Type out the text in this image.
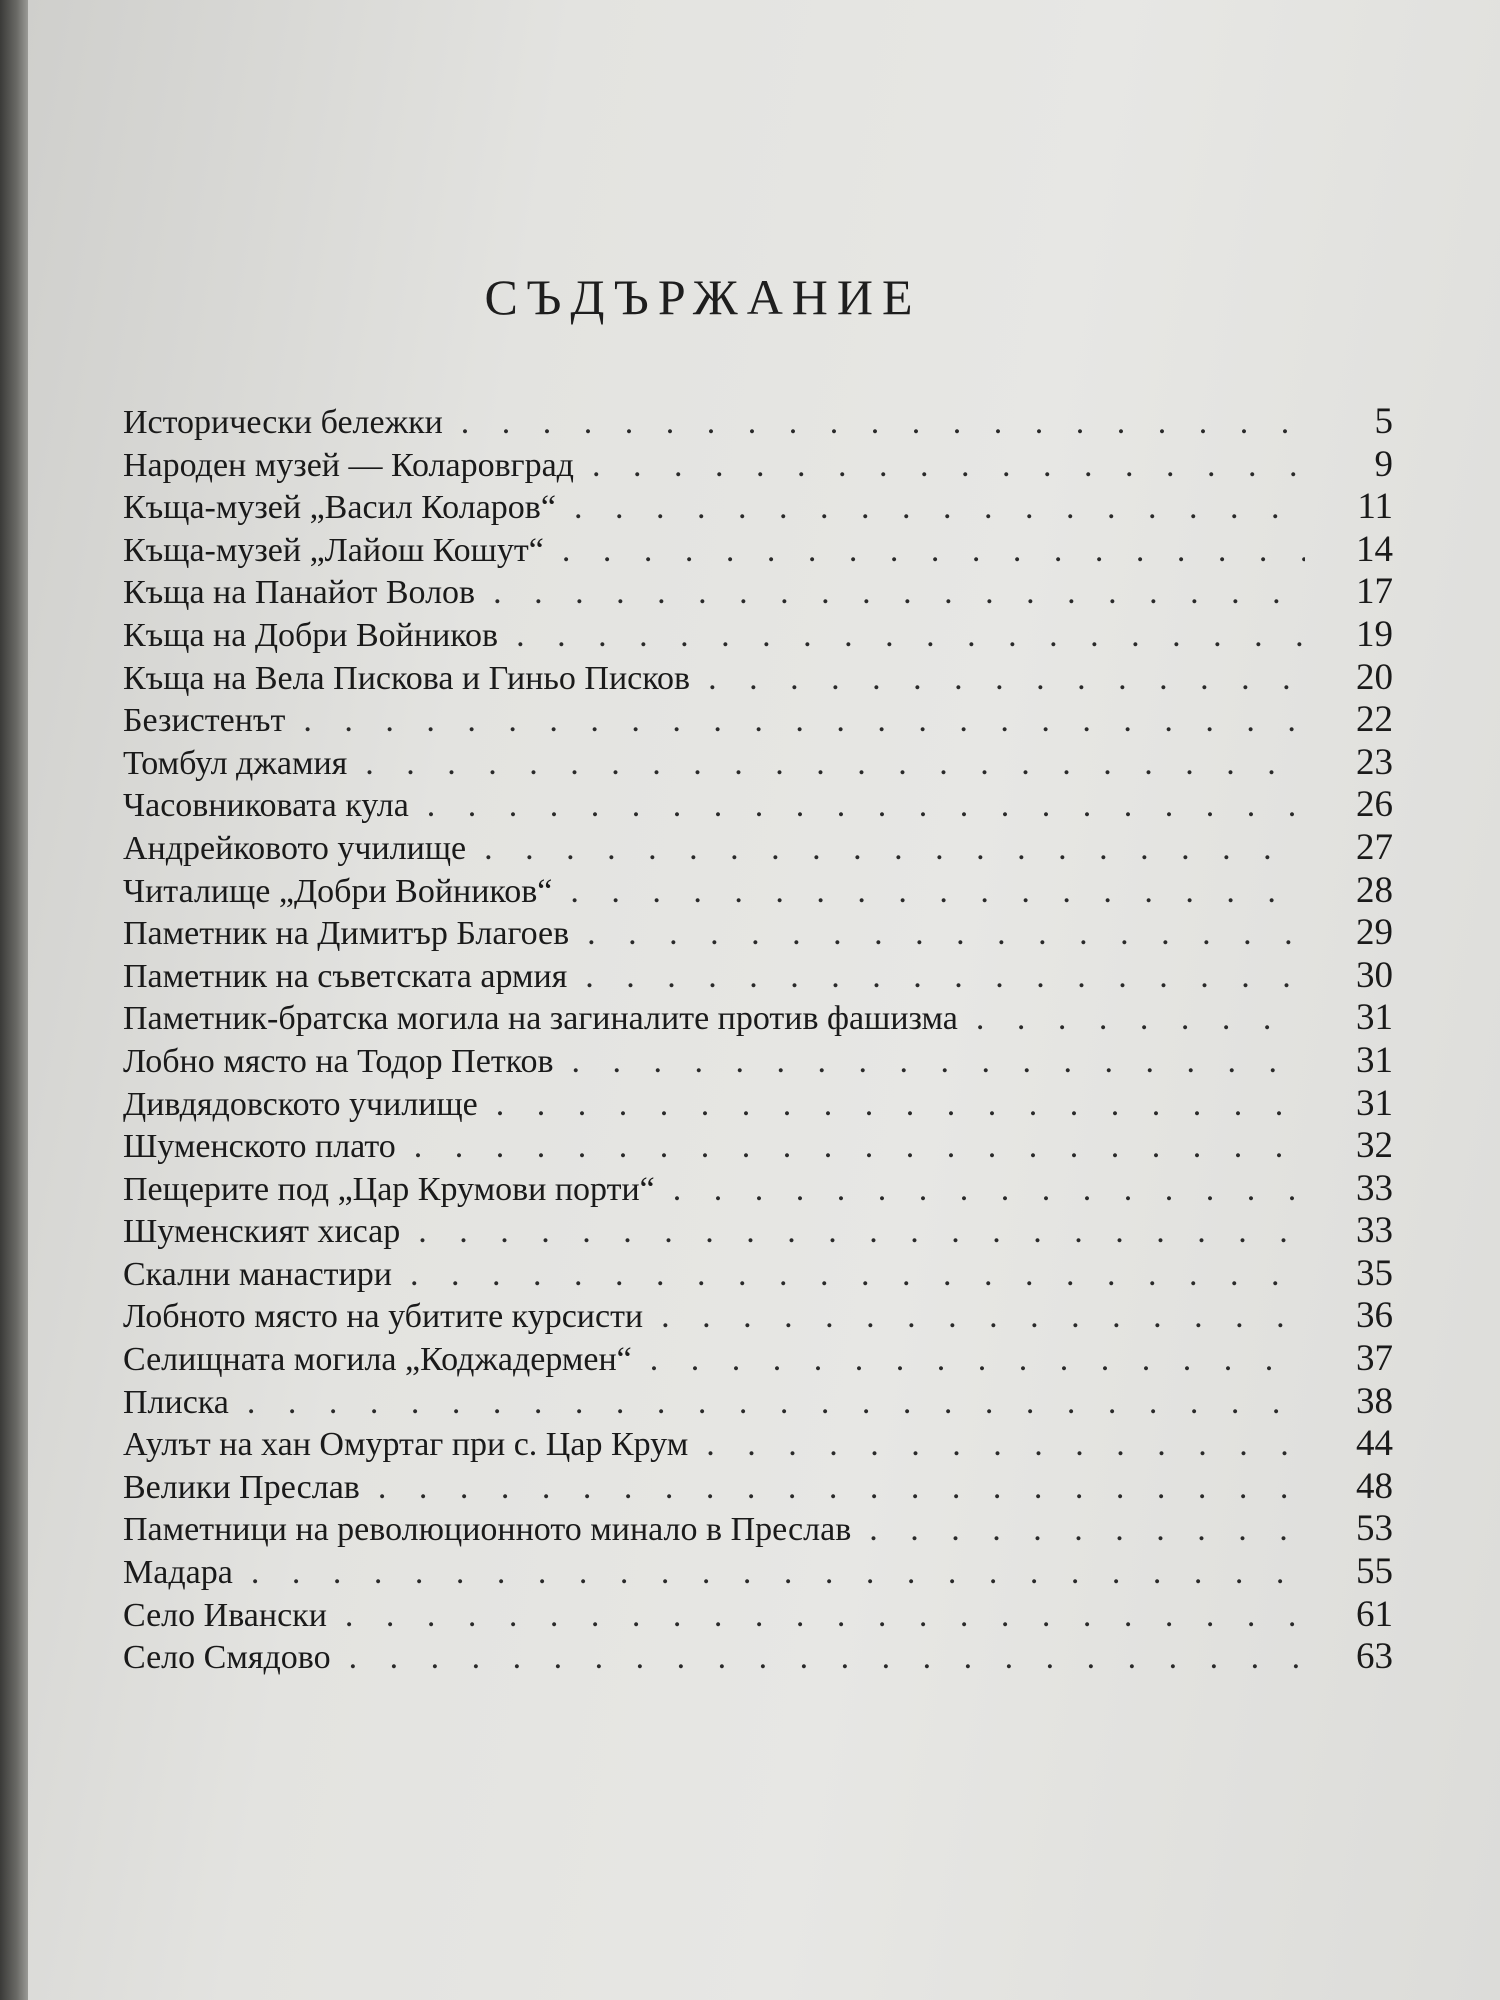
СЪДЪРЖАНИЕ
Исторически бележки . . .	5
Народен музей — Коларовград . . .	9
Къща-музей „Васил Коларов“ . . .	11
Къща-музей „Лайош Кошут“ . . .	14
Къща на Панайот Волов . . .	17
Къща на Добри Войников . . .	19
Къща на Вела Пискова и Гиньо Писков . . .	20
Безистенът . . .	22
Томбул джамия . . .	23
Часовниковата кула . . .	26
Андрейковото училище . . .	27
Читалище „Добри Войников“ . . .	28
Паметник на Димитър Благоев . . .	29
Паметник на съветската армия . . .	30
Паметник-братска могила на загиналите против фашизма . . .	31
Лобно място на Тодор Петков . . .	31
Дивдядовското училище . . .	31
Шуменското плато . . .	32
Пещерите под „Цар Крумови порти“ . . .	33
Шуменският хисар . . .	33
Скални манастири . . .	35
Лобното място на убитите курсисти . . .	36
Селищната могила „Коджадермен“ . . .	37
Плиска . . .	38
Аулът на хан Омуртаг при с. Цар Крум . . .	44
Велики Преслав . . .	48
Паметници на революционното минало в Преслав . . .	53
Мадара . . .	55
Село Ивански . . .	61
Село Смядово . . .	63
